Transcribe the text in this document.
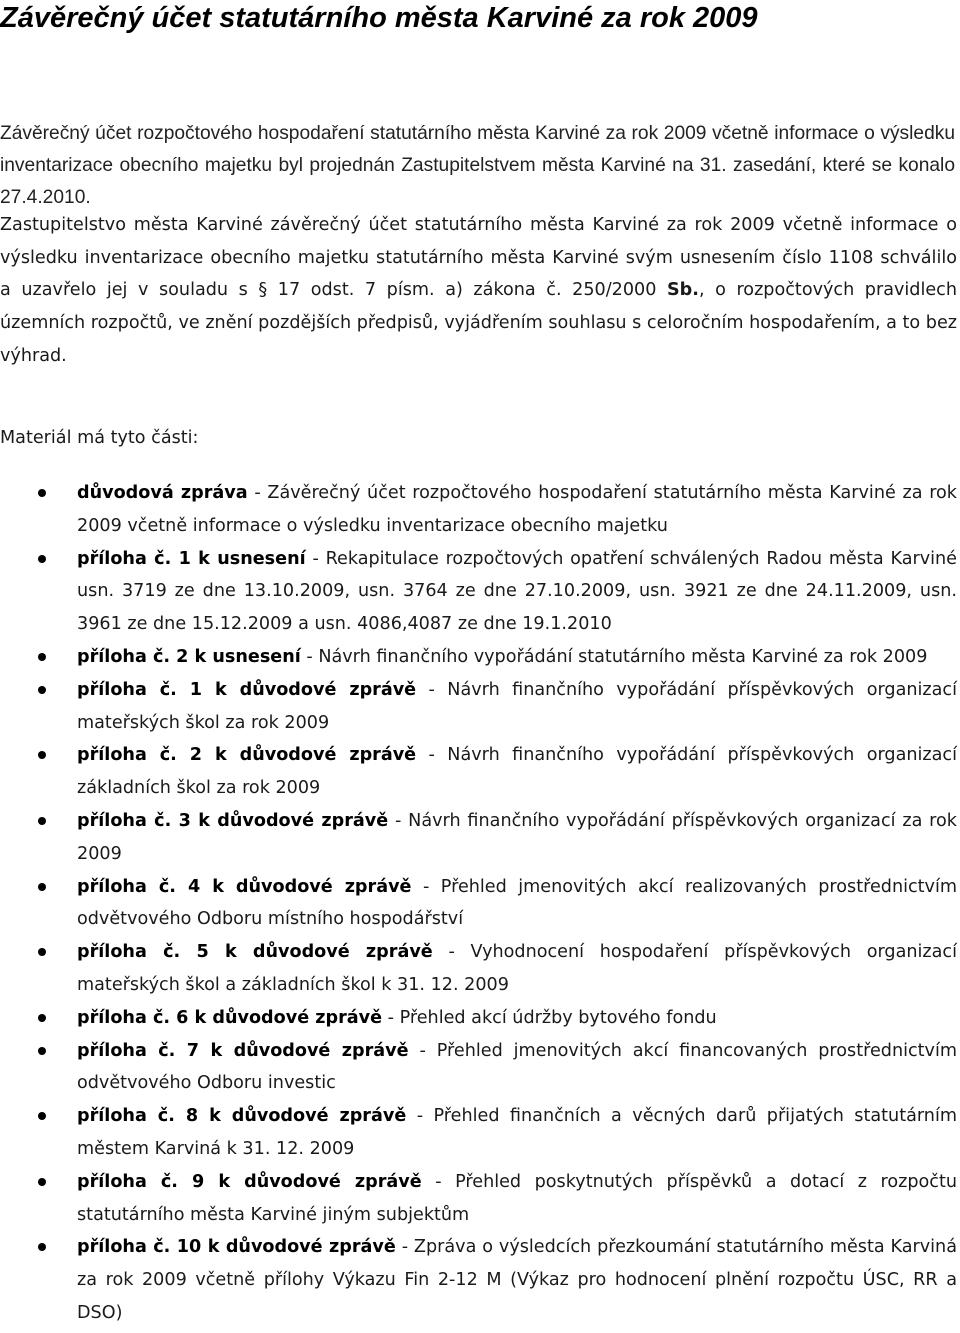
Závěrečný účet statutárního města Karviné za rok 2009

Závěrečný účet rozpočtového hospodaření statutárního města Karviné za rok 2009 včetně informace o výsledku inventarizace obecního majetku byl projednán Zastupitelstvem města Karviné na 31. zasedání, které se konalo 27.4.2010.

Zastupitelstvo města Karviné závěrečný účet statutárního města Karviné za rok 2009 včetně informace o výsledku inventarizace obecního majetku statutárního města Karviné svým usnesením číslo 1108 schválilo a uzavřelo jej v souladu s § 17 odst. 7 písm. a) zákona č. 250/2000 Sb., o rozpočtových pravidlech územních rozpočtů, ve znění pozdějších předpisů, vyjádřením souhlasu s celoročním hospodařením, a to bez výhrad.

Materiál má tyto části:

důvodová zpráva - Závěrečný účet rozpočtového hospodaření statutárního města Karviné za rok 2009 včetně informace o výsledku inventarizace obecního majetku
příloha č. 1 k usnesení - Rekapitulace rozpočtových opatření schválených Radou města Karviné usn. 3719 ze dne 13.10.2009, usn. 3764 ze dne 27.10.2009, usn. 3921 ze dne 24.11.2009, usn. 3961 ze dne 15.12.2009 a usn. 4086,4087 ze dne 19.1.2010
příloha č. 2 k usnesení - Návrh finančního vypořádání statutárního města Karviné za rok 2009
příloha č. 1 k důvodové zprávě - Návrh finančního vypořádání příspěvkových organizací mateřských škol za rok 2009
příloha č. 2 k důvodové zprávě - Návrh finančního vypořádání příspěvkových organizací základních škol za rok 2009
příloha č. 3 k důvodové zprávě - Návrh finančního vypořádání příspěvkových organizací za rok 2009
příloha č. 4 k důvodové zprávě - Přehled jmenovitých akcí realizovaných prostřednictvím odvětvového Odboru místního hospodářství
příloha č. 5 k důvodové zprávě - Vyhodnocení hospodaření příspěvkových organizací mateřských škol a základních škol k 31. 12. 2009
příloha č. 6 k důvodové zprávě - Přehled akcí údržby bytového fondu
příloha č. 7 k důvodové zprávě - Přehled jmenovitých akcí financovaných prostřednictvím odvětvového Odboru investic
příloha č. 8 k důvodové zprávě - Přehled finančních a věcných darů přijatých statutárním městem Karviná k 31. 12. 2009
příloha č. 9 k důvodové zprávě - Přehled poskytnutých příspěvků a dotací z rozpočtu statutárního města Karviné jiným subjektům
příloha č. 10 k důvodové zprávě - Zpráva o výsledcích přezkoumání statutárního města Karviná za rok 2009 včetně přílohy Výkazu Fin 2-12 M (Výkaz pro hodnocení plnění rozpočtu ÚSC, RR a DSO)
